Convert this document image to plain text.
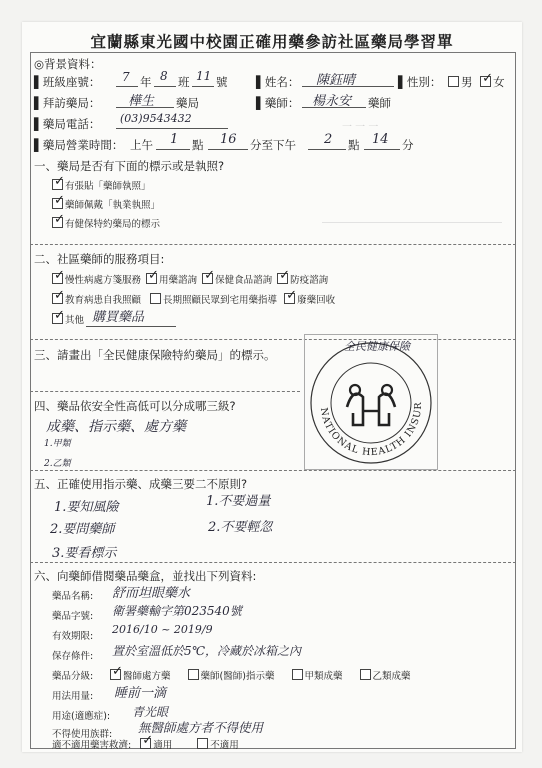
宜蘭縣東光國中校園正確用藥參訪社區藥局學習單
一 一 一
◎背景資料：
▌班級座號： 7 年 8 班 11 號 ▌姓名： 陳鈺晴	▌性別：	男 ✓ 女
▌拜訪藥局： 樺生 藥局	▌藥師： 楊永安 藥師
▌藥局電話： (03)9543432
▌藥局營業時間： 上午 1 點 16 分至下午 2 點 14 分
一、藥局是否有下面的標示或是執照?
✓ 有張貼「藥師執照」
✓ 藥師佩戴「執業執照」
✓ 有健保特約藥局的標示
二、社區藥師的服務項目:
✓ 慢性病處方箋服務 ✓ 用藥諮詢 ✓ 保健食品諮詢 ✓ 防疫諮詢
✓ 教育病患自我照顧 長期照顧民眾到宅用藥指導 ✓ 廢藥回收
✓ 其他 購買藥品
三、請畫出「全民健康保險特約藥局」的標示。
NATIONAL HEALTH INSUR
全民健康保險
四、藥品依安全性高低可以分成哪三級?
成藥、指示藥、處方藥
1.甲類
2.乙類
五、正確使用指示藥、成藥三要二不原則?
1.要知風險
2.要問藥師
3.要看標示
1.不要過量
2.不要輕忽
六、向藥師借閱藥品藥盒，並找出下列資料:
藥品名稱: 舒而坦眼藥水
藥品字號: 衛署藥輸字第023540號
有效期限:
2016/10 ~ 2019/9
保存條件: 置於室溫低於5℃，冷藏於冰箱之內
藥品分級: ✓ 醫師處方藥	藥師(醫師)指示藥	甲類成藥	乙類成藥
用法用量: 睡前一滴
用途(適應症): 青光眼
不得使用族群: 無醫師處方者不得使用
適不適用藥害救濟: ✓ 適用	不適用
